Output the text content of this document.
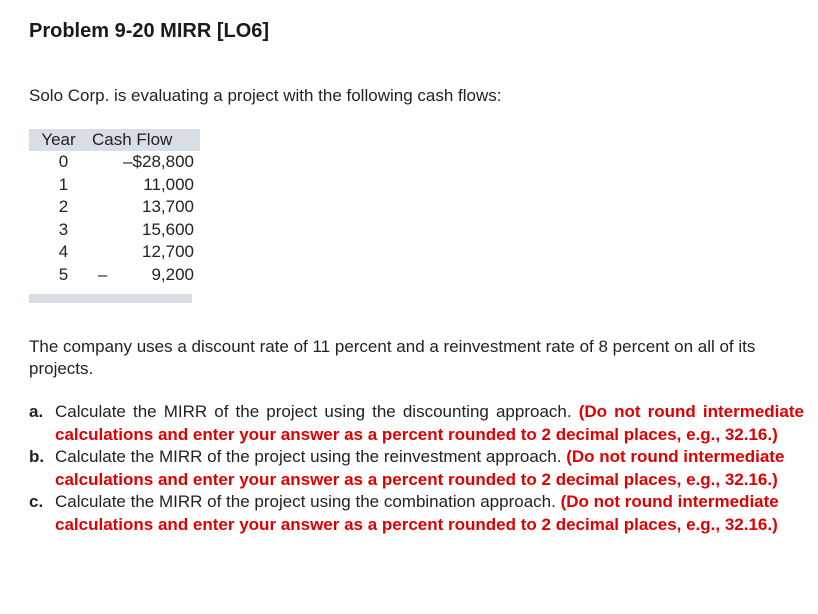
Problem 9-20 MIRR [LO6]

Solo Corp. is evaluating a project with the following cash flows:

Year	Cash Flow
0	–$28,800
1	11,000
2	13,700
3	15,600
4	12,700
5	– 9,200

The company uses a discount rate of 11 percent and a reinvestment rate of 8 percent on all of its projects.

a. Calculate the MIRR of the project using the discounting approach. (Do not round intermediate calculations and enter your answer as a percent rounded to 2 decimal places, e.g., 32.16.)
b. Calculate the MIRR of the project using the reinvestment approach. (Do not round intermediate calculations and enter your answer as a percent rounded to 2 decimal places, e.g., 32.16.)
c. Calculate the MIRR of the project using the combination approach. (Do not round intermediate calculations and enter your answer as a percent rounded to 2 decimal places, e.g., 32.16.)
